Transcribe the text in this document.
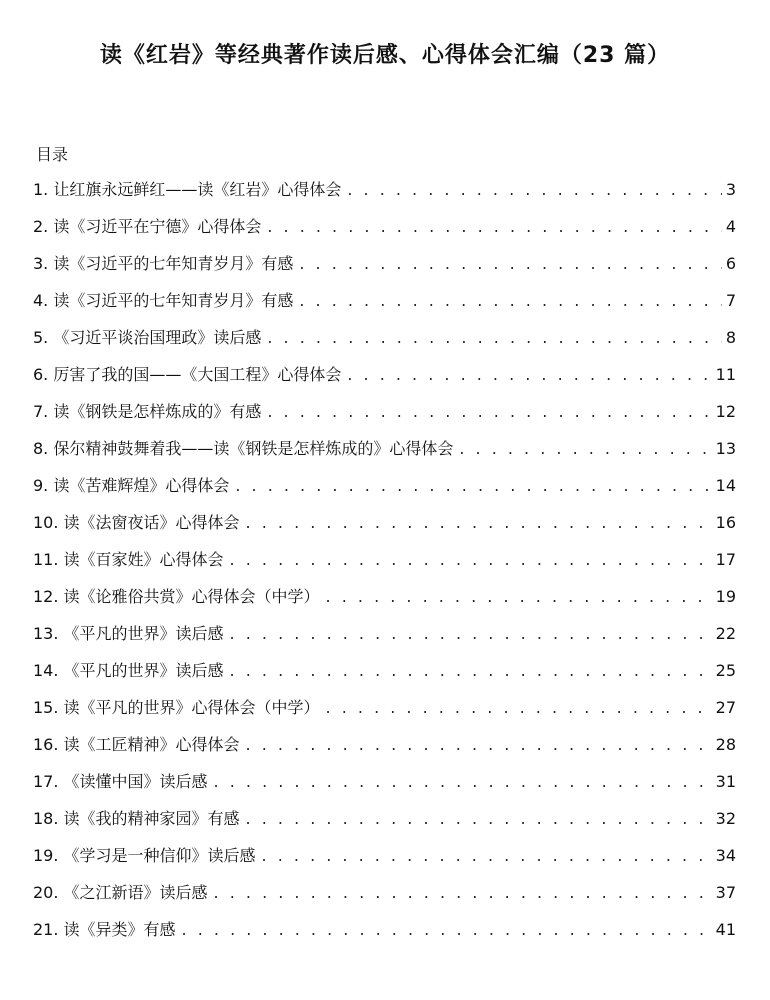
读《红岩》等经典著作读后感、心得体会汇编（23 篇）
目录
1. 让红旗永远鲜红——读《红岩》心得体会 . . .	3
2. 读《习近平在宁德》心得体会 . . .	4
3. 读《习近平的七年知青岁月》有感 . . .	6
4. 读《习近平的七年知青岁月》有感 . . .	7
5. 《习近平谈治国理政》读后感 . . .	8
6. 厉害了我的国——《大国工程》心得体会 . . .	11
7. 读《钢铁是怎样炼成的》有感 . . .	12
8. 保尔精神鼓舞着我——读《钢铁是怎样炼成的》心得体会 . . .	13
9. 读《苦难辉煌》心得体会 . . .	14
10. 读《法窗夜话》心得体会 . . .	16
11. 读《百家姓》心得体会 . . .	17
12. 读《论雅俗共赏》心得体会（中学） . . .	19
13. 《平凡的世界》读后感 . . .	22
14. 《平凡的世界》读后感 . . .	25
15. 读《平凡的世界》心得体会（中学） . . .	27
16. 读《工匠精神》心得体会 . . .	28
17. 《读懂中国》读后感 . . .	31
18. 读《我的精神家园》有感 . . .	32
19. 《学习是一种信仰》读后感 . . .	34
20. 《之江新语》读后感 . . .	37
21. 读《异类》有感 . . .	41
